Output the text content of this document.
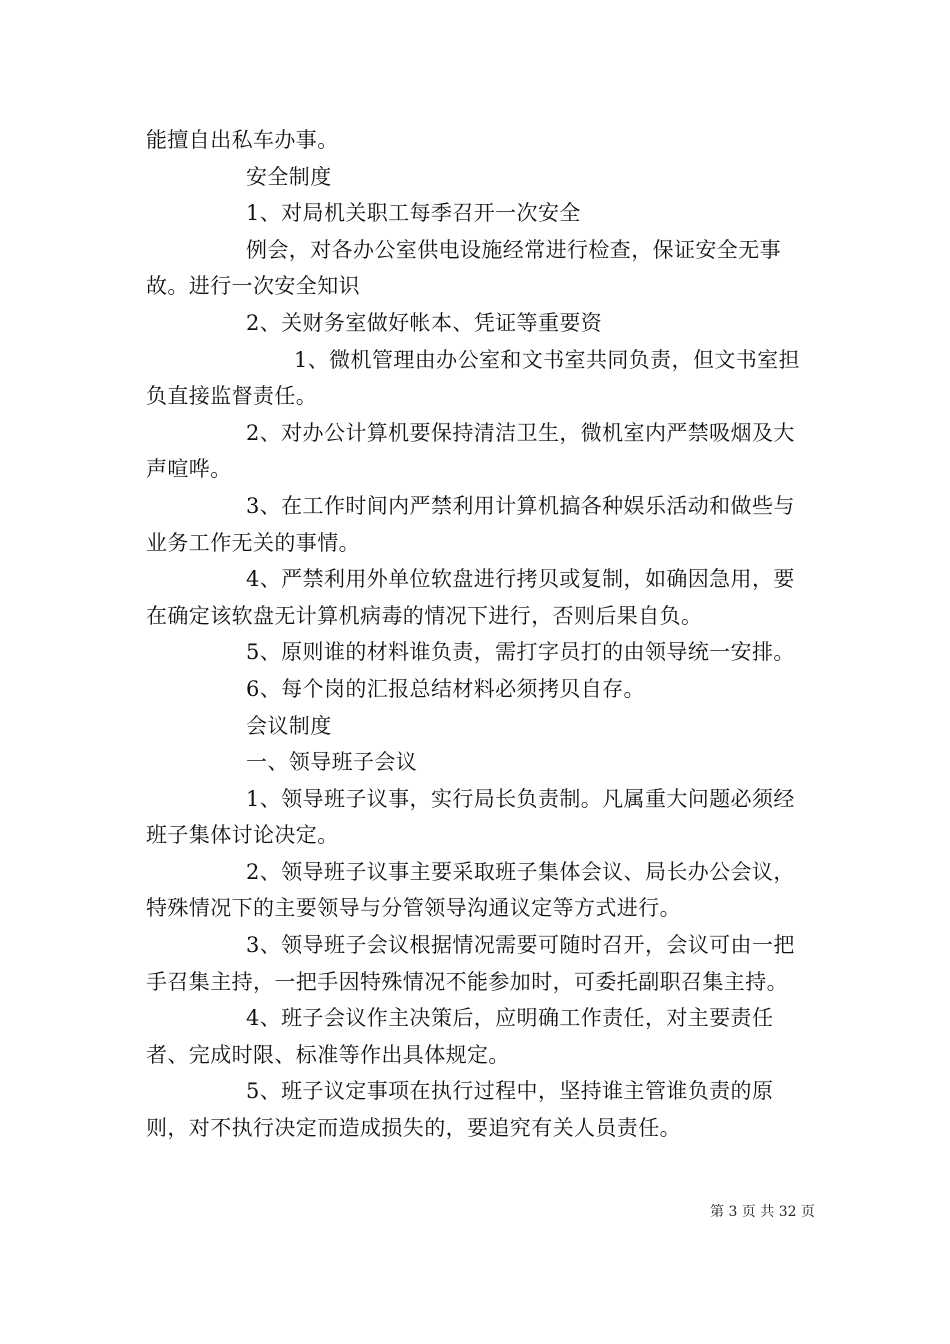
能擅自出私车办事。

安全制度

1、对局机关职工每季召开一次安全

例会，对各办公室供电设施经常进行检查，保证安全无事故。进行一次安全知识

2、关财务室做好帐本、凭证等重要资

1、微机管理由办公室和文书室共同负责，但文书室担负直接监督责任。

2、对办公计算机要保持清洁卫生，微机室内严禁吸烟及大声喧哗。

3、在工作时间内严禁利用计算机搞各种娱乐活动和做些与业务工作无关的事情。

4、严禁利用外单位软盘进行拷贝或复制，如确因急用，要在确定该软盘无计算机病毒的情况下进行，否则后果自负。

5、原则谁的材料谁负责，需打字员打的由领导统一安排。

6、每个岗的汇报总结材料必须拷贝自存。

会议制度

一、领导班子会议

1、领导班子议事，实行局长负责制。凡属重大问题必须经班子集体讨论决定。

2、领导班子议事主要采取班子集体会议、局长办公会议，特殊情况下的主要领导与分管领导沟通议定等方式进行。

3、领导班子会议根据情况需要可随时召开，会议可由一把手召集主持，一把手因特殊情况不能参加时，可委托副职召集主持。

4、班子会议作主决策后，应明确工作责任，对主要责任者、完成时限、标准等作出具体规定。

5、班子议定事项在执行过程中，坚持谁主管谁负责的原则，对不执行决定而造成损失的，要追究有关人员责任。

第 3 页 共 32 页
